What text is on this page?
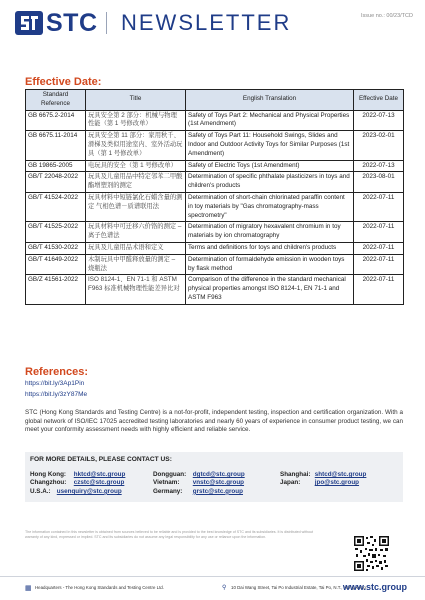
STC NEWSLETTER	Issue no.: 00/23/TCD
Effective Date:
Standard Reference	Title	English Translation	Effective Date
GB 6675.2-2014	玩具安全第 2 部分：机械与物理性能（第 1 号修改单）	Safety of Toys Part 2: Mechanical and Physical Properties (1st Amendment)	2022-07-13
GB 6675.11-2014	玩具安全第 11 部分：家用秋千、滑梯及类似用途室内、室外活动玩具（第 1 号修改单）	Safety of Toys Part 11: Household Swings, Slides and Indoor and Outdoor Activity Toys for Similar Purposes (1st Amendment)	2023-02-01
GB 19865-2005	电玩具的安全（第 1 号修改单）	Safety of Electric Toys (1st Amendment)	2022-07-13
GB/T 22048-2022	玩具及儿童用品中特定邻苯二甲酸酯增塑剂的测定	Determination of specific phthalate plasticizers in toys and children's products	2023-08-01
GB/T 41524-2022	玩具材料中短链氯化石蜡含量的测定 气相色谱－质谱联用法	Determination of short-chain chlorinated paraffin content in toy materials by "Gas chromatography-mass spectrometry"	2022-07-11
GB/T 41525-2022	玩具材料中可迁移六价铬的测定 – 离子色谱法	Determination of migratory hexavalent chromium in toy materials by ion chromatography	2022-07-11
GB/T 41530-2022	玩具及儿童用品术语和定义	Terms and definitions for toys and children's products	2022-07-11
GB/T 41649-2022	木制玩具中甲醛释放量的测定 – 烧瓶法	Determination of formaldehyde emission in wooden toys by flask method	2022-07-11
GB/Z 41561-2022	ISO 8124-1、EN 71-1 和 ASTM F963 标准机械物理性能差异比对	Comparison of the difference in the standard mechanical physical properties amongst ISO 8124-1, EN 71-1 and ASTM F963	2022-07-11
References:
https://bit.ly/3Ap1Pin
https://bit.ly/3zY87Me
STC (Hong Kong Standards and Testing Centre) is a not-for-profit, independent testing, inspection and certification organization. With a global network of ISO/IEC 17025 accredited testing laboratories and nearly 60 years of experience in consumer product testing, we can meet your conformity assessment needs with highly efficient and reliable service.
FOR MORE DETAILS, PLEASE CONTACT US:
Hong Kong: hktcd@stc.group
Changzhou: czstc@stc.group
U.S.A.: usenquiry@stc.group
Dongguan: dgtcd@stc.group
Vietnam: vnstc@stc.group
Germany: grstc@stc.group
Shanghai: shtcd@stc.group
Japan: jpo@stc.group
The information contained in this newsletter is obtained from sources believed to be reliable and is provided to the best knowledge of STC and its subsidiaries. It is distributed without warranty of any kind, expressed or implied. STC and its subsidiaries do not assume any legal responsibility for any use or reliance upon the information.
▦ Headquarters - The Hong Kong Standards and Testing Centre Ltd.	⚲ 10 Dai Wang Street, Tai Po Industrial Estate, Tai Po, N.T., Hong Kong
www.stc.group
